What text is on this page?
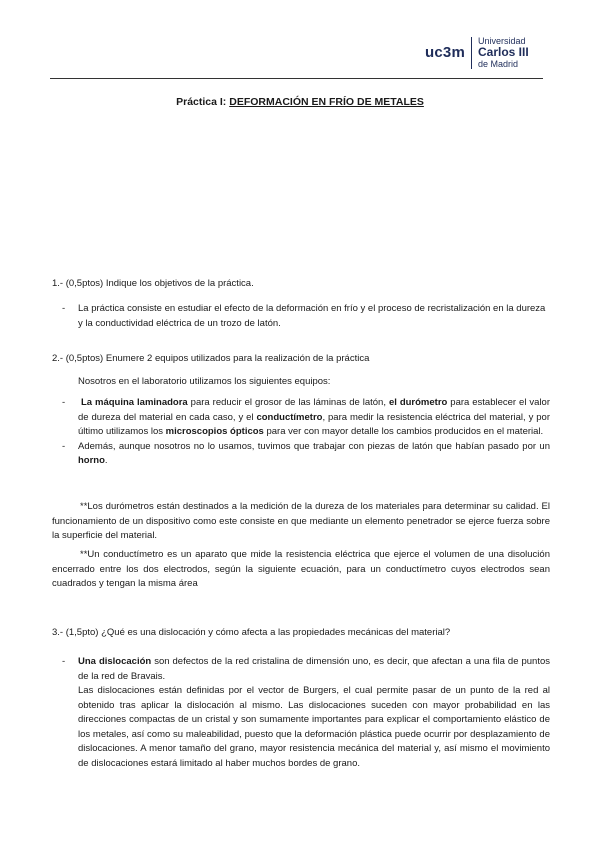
uc3m
Universidad
Carlos III
de Madrid
Práctica I: DEFORMACIÓN EN FRÍO DE METALES
1.- (0,5ptos) Indique los objetivos de la práctica.
-	La práctica consiste en estudiar el efecto de la deformación en frío y el proceso de recristalización en la dureza y la conductividad eléctrica de un trozo de latón.
2.- (0,5ptos) Enumere 2 equipos utilizados para la realización de la práctica
Nosotros en el laboratorio utilizamos los siguientes equipos:
-	La máquina laminadora para reducir el grosor de las láminas de latón, el durómetro para establecer el valor de dureza del material en cada caso, y el conductímetro, para medir la resistencia eléctrica del material, y por último utilizamos los microscopios ópticos para ver con mayor detalle los cambios producidos en el material.
-	Además, aunque nosotros no lo usamos, tuvimos que trabajar con piezas de latón que habían pasado por un horno.
**Los durómetros están destinados a la medición de la dureza de los materiales para determinar su calidad. El funcionamiento de un dispositivo como este consiste en que mediante un elemento penetrador se ejerce fuerza sobre la superficie del material.
**Un conductímetro es un aparato que mide la resistencia eléctrica que ejerce el volumen de una disolución encerrado entre los dos electrodos, según la siguiente ecuación, para un conductímetro cuyos electrodos sean cuadrados y tengan la misma área
3.- (1,5pto) ¿Qué es una dislocación y cómo afecta a las propiedades mecánicas del material?
-	Una dislocación son defectos de la red cristalina de dimensión uno, es decir, que afectan a una fila de puntos de la red de Bravais.
Las dislocaciones están definidas por el vector de Burgers, el cual permite pasar de un punto de la red al obtenido tras aplicar la dislocación al mismo. Las dislocaciones suceden con mayor probabilidad en las direcciones compactas de un cristal y son sumamente importantes para explicar el comportamiento elástico de los metales, así como su maleabilidad, puesto que la deformación plástica puede ocurrir por desplazamiento de dislocaciones. A menor tamaño del grano, mayor resistencia mecánica del material y, así mismo el movimiento de dislocaciones estará limitado al haber muchos bordes de grano.
